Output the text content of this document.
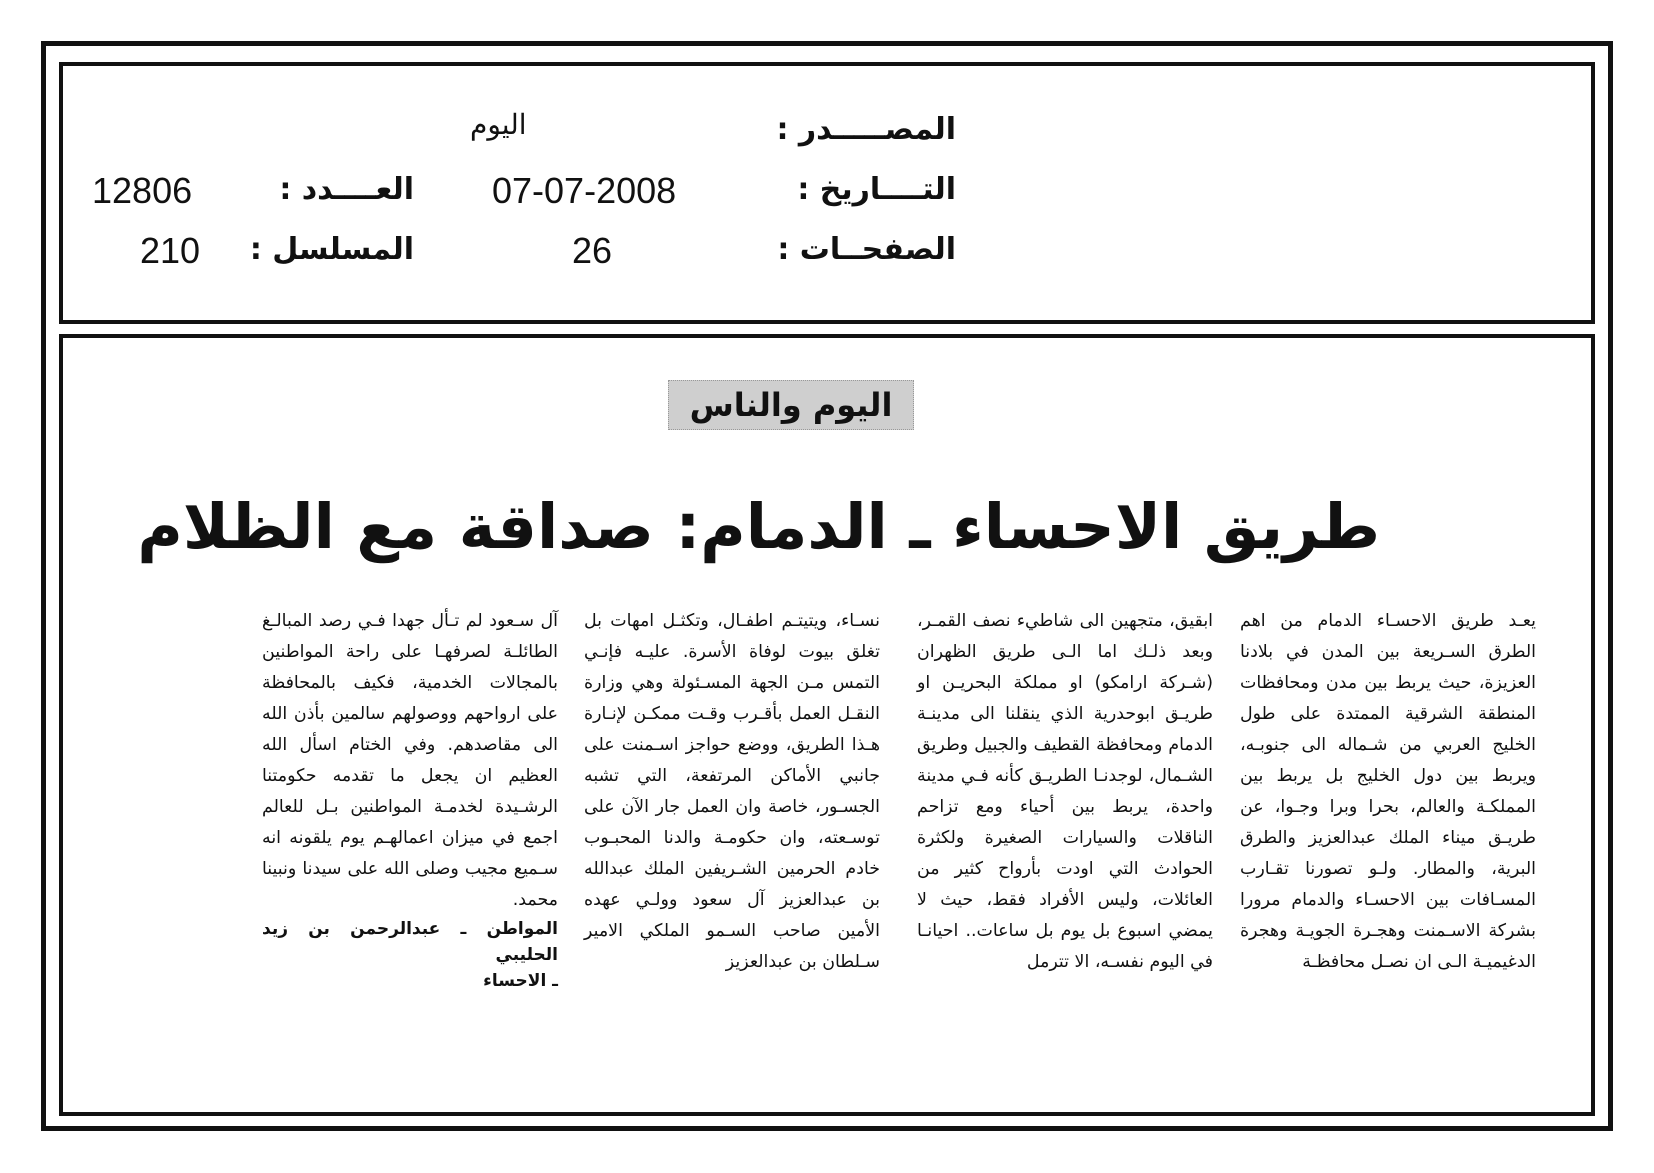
المصـــــدر :
التــــاريخ :
الصفحــات :
اليوم
07-07-2008
26
العــــدد :
المسلسل :
12806
210
اليوم والناس
طريق الاحساء ـ الدمام: صداقة مع الظلام

يعـد طريق الاحسـاء الدمام من اهم الطرق السـريعة بين المدن في بلادنا العزيزة، حيث يربط بين مدن ومحافظات المنطقة الشرقية الممتدة على طول الخليج العربي من شـماله الى جنوبـه، ويربط بين دول الخليج بل يربط بين المملكـة والعالم، بحرا وبرا وجـوا، عن طريـق ميناء الملك عبدالعزيز والطرق البرية، والمطار. ولـو تصورنا تقـارب المسـافات بين الاحسـاء والدمام مرورا بشركة الاسـمنت وهجـرة الجويـة وهجرة الدغيميـة الـى ان نصـل محافظـة

ابقيق، متجهين الى شاطيء نصف القمـر، وبعد ذلـك اما الـى طريق الظهران (شـركة ارامكو) او مملكة البحريـن او طريـق ابوحدرية الذي ينقلنا الى مدينـة الدمام ومحافظة القطيف والجبيل وطريق الشـمال، لوجدنـا الطريـق كأنه فـي مدينة واحدة، يربط بين أحياء ومع تزاحم الناقلات والسيارات الصغيرة ولكثرة الحوادث التي اودت بأرواح كثير من العائلات، وليس الأفراد فقط، حيث لا يمضي اسبوع بل يوم بل ساعات.. احيانـا في اليوم نفسـه، الا تترمل

نسـاء، ويتيتـم اطفـال، وتكثـل امهات بل تغلق بيوت لوفاة الأسرة. عليـه فإنـي التمس مـن الجهة المسـئولة وهي وزارة النقـل العمل بأقـرب وقـت ممكـن لإنـارة هـذا الطريق، ووضع حواجز اسـمنت على جانبي الأماكن المرتفعة، التي تشبه الجسـور، خاصة وان العمل جار الآن على توسـعته، وان حكومـة والدنا المحبـوب خادم الحرمين الشـريفين الملك عبدالله بن عبدالعزيز آل سعود وولـي عهده الأمين صاحب السـمو الملكي الامير سـلطان بن عبدالعزيز

آل سـعود لم تـأل جهدا فـي رصد المبالـغ الطائلـة لصرفهـا على راحة المواطنين بالمجالات الخدمية، فكيف بالمحافظة على ارواحهم ووصولهم سالمين بأذن الله الى مقاصدهم. وفي الختام اسأل الله العظيم ان يجعل ما تقدمه حكومتنا الرشـيدة لخدمـة المواطنين بـل للعالم اجمع في ميزان اعمالهـم يوم يلقونه انه سـميع مجيب وصلى الله على سيدنا ونبينا محمد.

المواطن ـ عبدالرحمن بن زيد الحليبي
ـ الاحساء
